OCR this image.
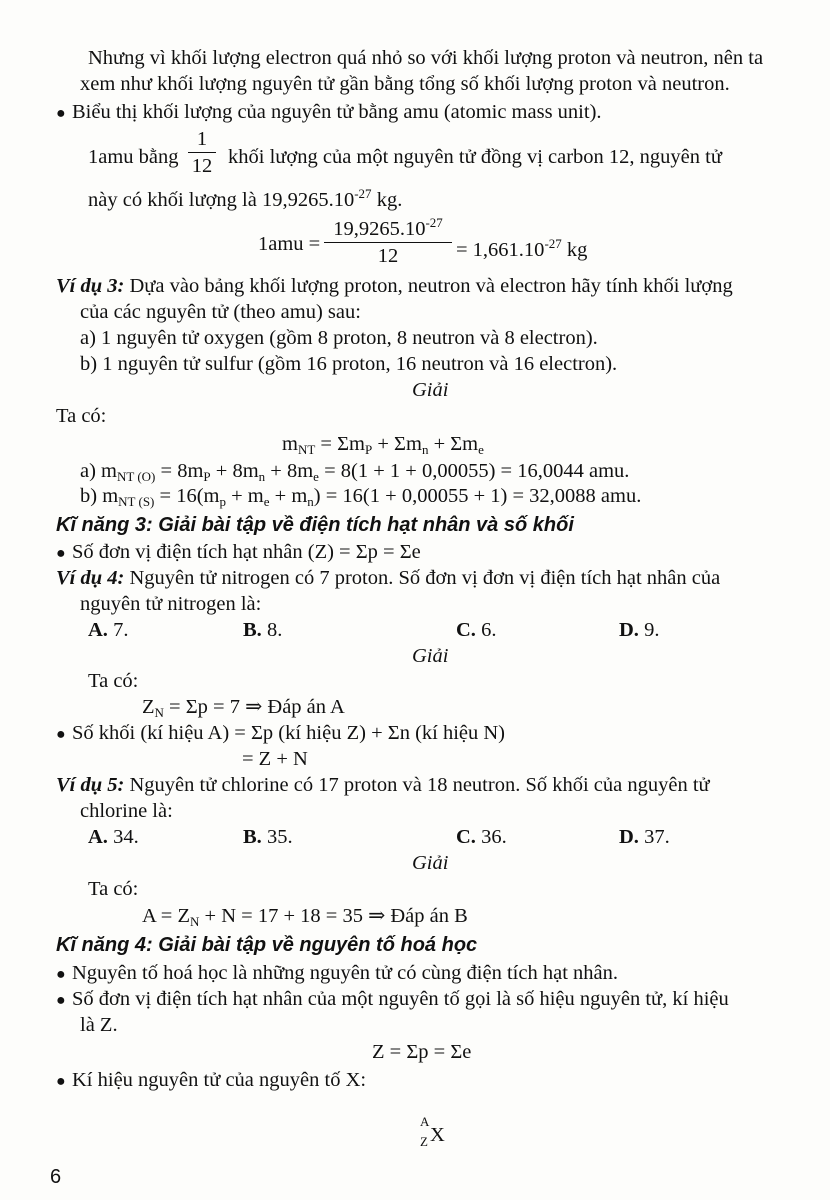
Nhưng vì khối lượng electron quá nhỏ so với khối lượng proton và neutron, nên ta
xem như khối lượng nguyên tử gần bằng tổng số khối lượng proton và neutron.
● Biểu thị khối lượng của nguyên tử bằng amu (atomic mass unit).
1amu bằng
1
12 khối lượng của một nguyên tử đồng vị carbon 12, nguyên tử
này có khối lượng là $19,9265.10^{-27}$ kg.
1amu =
$19,9265.10^{-27}$
12	= $1,661.10^{-27}$ kg
Ví dụ 3: Dựa vào bảng khối lượng proton, neutron và electron hãy tính khối lượng
của các nguyên tử (theo amu) sau:
a) 1 nguyên tử oxygen (gồm 8 proton, 8 neutron và 8 electron).
b) 1 nguyên tử sulfur (gồm 16 proton, 16 neutron và 16 electron).
Giải
Ta có:
$m_{NT} = \Sigma m_P + \Sigma m_n + \Sigma m_e$
a) $m_{NT (O)} = 8m_P + 8m_n + 8m_e = 8(1 + 1 + 0,00055) = 16,0044$ amu.
b) $m_{NT (S)} = 16(m_p + m_e + m_n) = 16(1 + 0,00055 + 1) = 32,0088$ amu.
Kĩ năng 3: Giải bài tập về điện tích hạt nhân và số khối
● Số đơn vị điện tích hạt nhân (Z) = Σp = Σe
Ví dụ 4: Nguyên tử nitrogen có 7 proton. Số đơn vị đơn vị điện tích hạt nhân của
nguyên tử nitrogen là:
A. 7.	B. 8.	C. 6.	D. 9.
Giải
Ta có:
$Z_N = \Sigma p = 7$ ⇒ Đáp án A
● Số khối (kí hiệu A) = Σp (kí hiệu Z) + Σn (kí hiệu N)
= Z + N
Ví dụ 5: Nguyên tử chlorine có 17 proton và 18 neutron. Số khối của nguyên tử
chlorine là:
A. 34.	B. 35.	C. 36.	D. 37.
Giải
Ta có:
$A = Z_N + N = 17 + 18 = 35$ ⇒ Đáp án B
Kĩ năng 4: Giải bài tập về nguyên tố hoá học
● Nguyên tố hoá học là những nguyên tử có cùng điện tích hạt nhân.
● Số đơn vị điện tích hạt nhân của một nguyên tố gọi là số hiệu nguyên tử, kí hiệu
là Z.
Z = Σp = Σe
● Kí hiệu nguyên tử của nguyên tố X:
A
Z X
6
